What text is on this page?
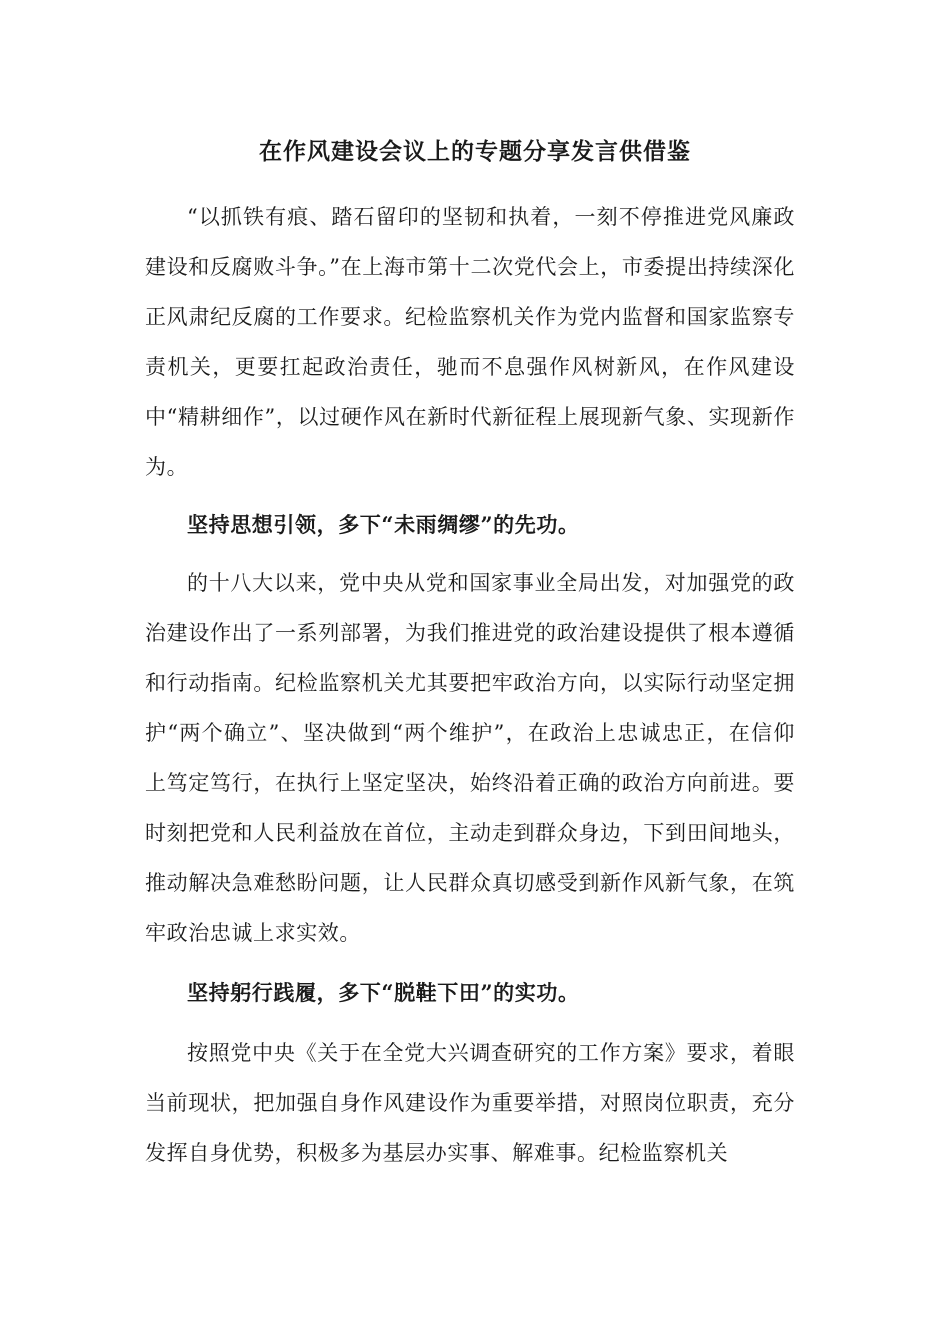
在作风建设会议上的专题分享发言供借鉴

“以抓铁有痕、踏石留印的坚韧和执着，一刻不停推进党风廉政建设和反腐败斗争。”在上海市第十二次党代会上，市委提出持续深化正风肃纪反腐的工作要求。纪检监察机关作为党内监督和国家监察专责机关，更要扛起政治责任，驰而不息强作风树新风，在作风建设中“精耕细作”，以过硬作风在新时代新征程上展现新气象、实现新作为。

坚持思想引领，多下“未雨绸缪”的先功。

的十八大以来，党中央从党和国家事业全局出发，对加强党的政治建设作出了一系列部署，为我们推进党的政治建设提供了根本遵循和行动指南。纪检监察机关尤其要把牢政治方向，以实际行动坚定拥护“两个确立”、坚决做到“两个维护”，在政治上忠诚忠正，在信仰上笃定笃行，在执行上坚定坚决，始终沿着正确的政治方向前进。要时刻把党和人民利益放在首位，主动走到群众身边，下到田间地头，推动解决急难愁盼问题，让人民群众真切感受到新作风新气象，在筑牢政治忠诚上求实效。

坚持躬行践履，多下“脱鞋下田”的实功。

按照党中央《关于在全党大兴调查研究的工作方案》要求，着眼当前现状，把加强自身作风建设作为重要举措，对照岗位职责，充分发挥自身优势，积极多为基层办实事、解难事。纪检监察机关
